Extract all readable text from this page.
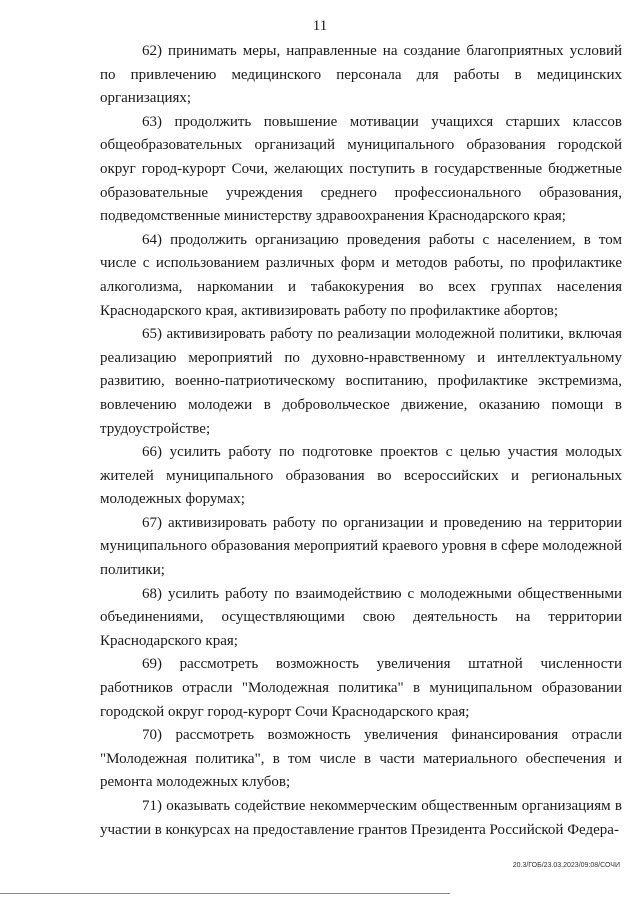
11

62) принимать меры, направленные на создание благоприятных условий по привлечению медицинского персонала для работы в медицинских организациях;

63) продолжить повышение мотивации учащихся старших классов общеобразовательных организаций муниципального образования городской округ город-курорт Сочи, желающих поступить в государственные бюджетные образовательные учреждения среднего профессионального образования, подведомственные министерству здравоохранения Краснодарского края;

64) продолжить организацию проведения работы с населением, в том числе с использованием различных форм и методов работы, по профилактике алкоголизма, наркомании и табакокурения во всех группах населения Краснодарского края, активизировать работу по профилактике абортов;

65) активизировать работу по реализации молодежной политики, включая реализацию мероприятий по духовно-нравственному и интеллектуальному развитию, военно-патриотическому воспитанию, профилактике экстремизма, вовлечению молодежи в добровольческое движение, оказанию помощи в трудоустройстве;

66) усилить работу по подготовке проектов с целью участия молодых жителей муниципального образования во всероссийских и региональных молодежных форумах;

67) активизировать работу по организации и проведению на территории муниципального образования мероприятий краевого уровня в сфере молодежной политики;

68) усилить работу по взаимодействию с молодежными общественными объединениями, осуществляющими свою деятельность на территории Краснодарского края;

69) рассмотреть возможность увеличения штатной численности работников отрасли "Молодежная политика" в муниципальном образовании городской округ город-курорт Сочи Краснодарского края;

70) рассмотреть возможность увеличения финансирования отрасли "Молодежная политика", в том числе в части материального обеспечения и ремонта молодежных клубов;

71) оказывать содействие некоммерческим общественным организациям в участии в конкурсах на предоставление грантов Президента Российской Федера-

20.3/ГОБ/23.03.2023/09:08/СОЧИ
